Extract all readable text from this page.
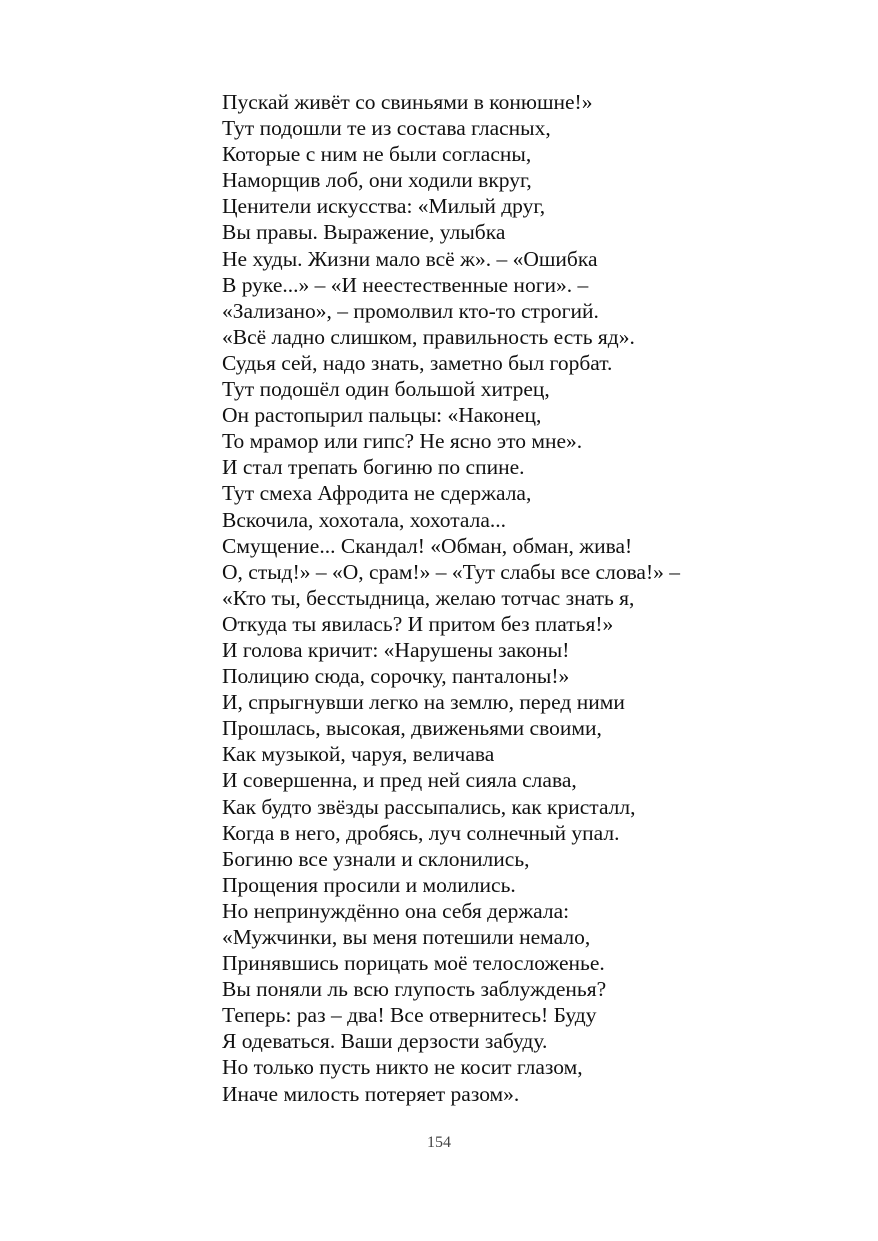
Пускай живёт со свиньями в конюшне!»
Тут подошли те из состава гласных,
Которые с ним не были согласны,
Наморщив лоб, они ходили вкруг,
Ценители искусства: «Милый друг,
Вы правы. Выражение, улыбка
Не худы. Жизни мало всё ж». – «Ошибка
В руке...» – «И неестественные ноги». –
«Зализано», – промолвил кто-то строгий.
«Всё ладно слишком, правильность есть яд».
Судья сей, надо знать, заметно был горбат.
Тут подошёл один большой хитрец,
Он растопырил пальцы: «Наконец,
То мрамор или гипс? Не ясно это мне».
И стал трепать богиню по спине.
Тут смеха Афродита не сдержала,
Вскочила, хохотала, хохотала...
Смущение... Скандал! «Обман, обман, жива!
О, стыд!» – «О, срам!» – «Тут слабы все слова!» –
«Кто ты, бесстыдница, желаю тотчас знать я,
Откуда ты явилась? И притом без платья!»
И голова кричит: «Нарушены законы!
Полицию сюда, сорочку, панталоны!»
И, спрыгнувши легко на землю, перед ними
Прошлась, высокая, движеньями своими,
Как музыкой, чаруя, величава
И совершенна, и пред ней сияла слава,
Как будто звёзды рассыпались, как кристалл,
Когда в него, дробясь, луч солнечный упал.
Богиню все узнали и склонились,
Прощения просили и молились.
Но непринуждённо она себя держала:
«Мужчинки, вы меня потешили немало,
Принявшись порицать моё телосложенье.
Вы поняли ль всю глупость заблужденья?
Теперь: раз – два! Все отвернитесь! Буду
Я одеваться. Ваши дерзости забуду.
Но только пусть никто не косит глазом,
Иначе милость потеряет разом».
154
